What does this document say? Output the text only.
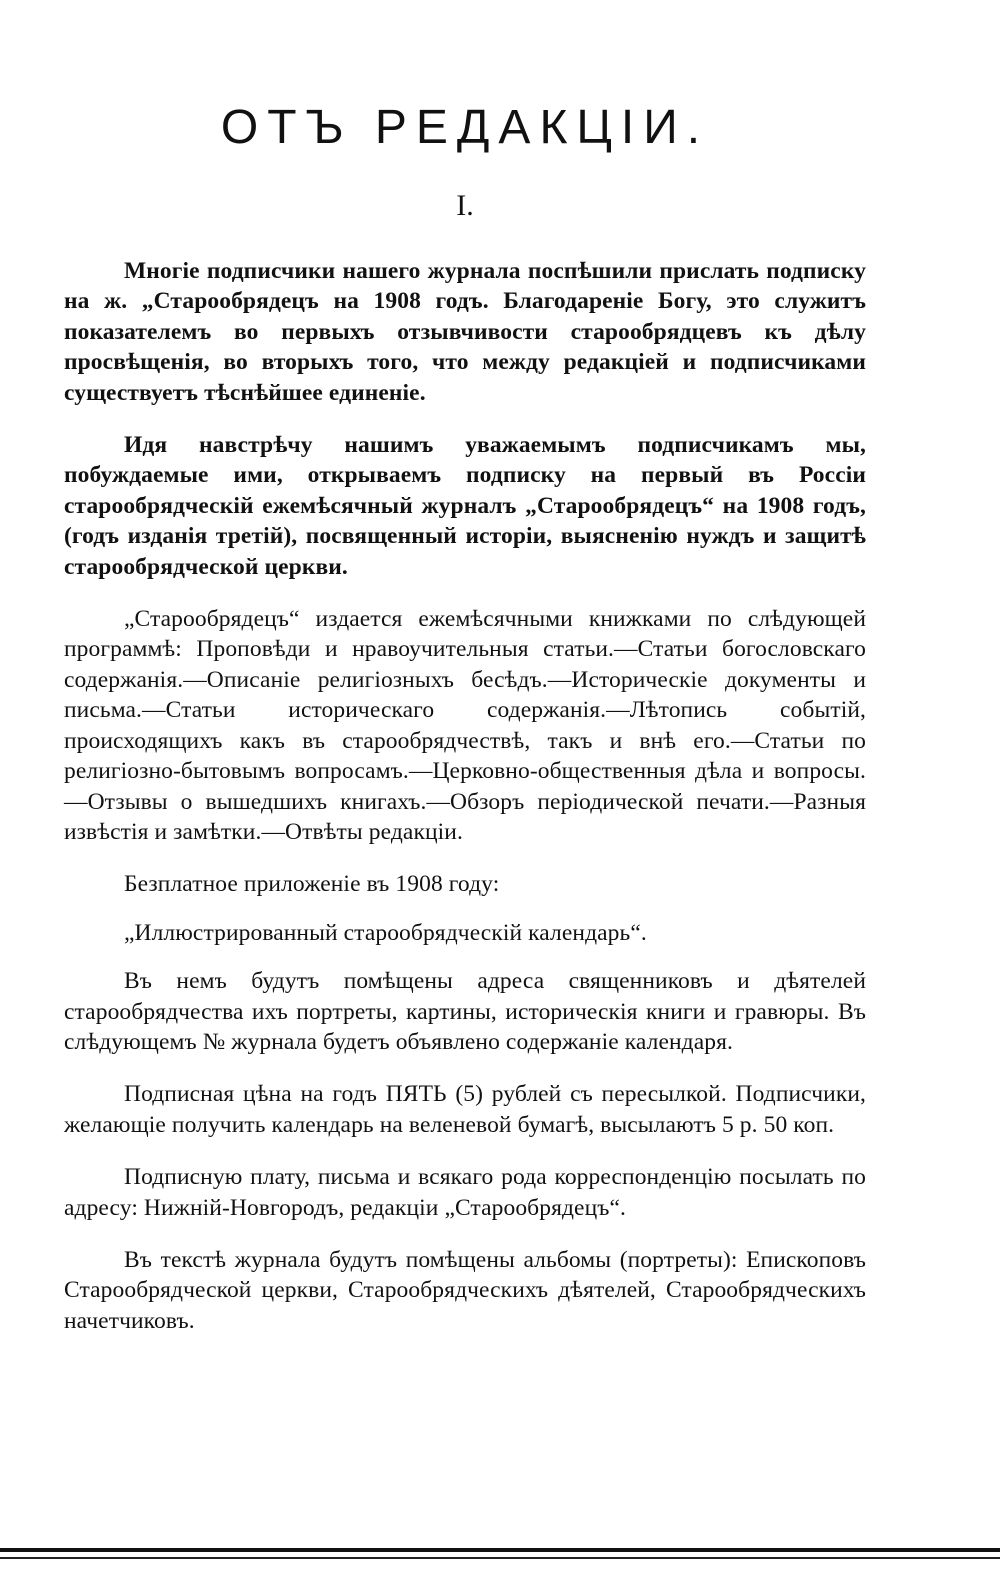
ОТЪ РЕДАКЦІИ.
I.

Многіе подписчики нашего журнала поспѣшили прислать подписку на ж. „Старообрядецъ на 1908 годъ. Благодареніе Богу, это служитъ показателемъ во первыхъ отзывчивости старообрядцевъ къ дѣлу просвѣщенія, во вторыхъ того, что между редакціей и подписчиками существуетъ тѣснѣйшее единеніе.

Идя навстрѣчу нашимъ уважаемымъ подписчикамъ мы, побуждаемые ими, открываемъ подписку на первый въ Россіи старообрядческій ежемѣсячный журналъ „Старообрядецъ“ на 1908 годъ, (годъ изданія третій), посвященный исторіи, выясненію нуждъ и защитѣ старообрядческой церкви.

„Старообрядецъ“ издается ежемѣсячными книжками по слѣдующей программѣ: Проповѣди и нравоучительныя статьи.—Статьи богословскаго содержанія.—Описаніе религіозныхъ бесѣдъ.—Историческіе документы и письма.—Статьи историческаго содержанія.—Лѣтопись событій, происходящихъ какъ въ старообрядчествѣ, такъ и внѣ его.—Статьи по религіозно-бытовымъ вопросамъ.—Церковно-общественныя дѣла и вопросы.—Отзывы о вышедшихъ книгахъ.—Обзоръ періодической печати.—Разныя извѣстія и замѣтки.—Отвѣты редакціи.

Безплатное приложеніе въ 1908 году:

„Иллюстрированный старообрядческій календарь“.

Въ немъ будутъ помѣщены адреса священниковъ и дѣятелей старообрядчества ихъ портреты, картины, историческія книги и гравюры. Въ слѣдующемъ № журнала будетъ объявлено содержаніе календаря.

Подписная цѣна на годъ ПЯТЬ (5) рублей съ пересылкой. Подписчики, желающіе получить календарь на веленевой бумагѣ, высылаютъ 5 р. 50 коп.

Подписную плату, письма и всякаго рода корреспонденцію посылать по адресу: Нижній-Новгородъ, редакціи „Старообрядецъ“.

Въ текстѣ журнала будутъ помѣщены альбомы (портреты): Епископовъ Старообрядческой церкви, Старообрядческихъ дѣятелей, Старообрядческихъ начетчиковъ.
